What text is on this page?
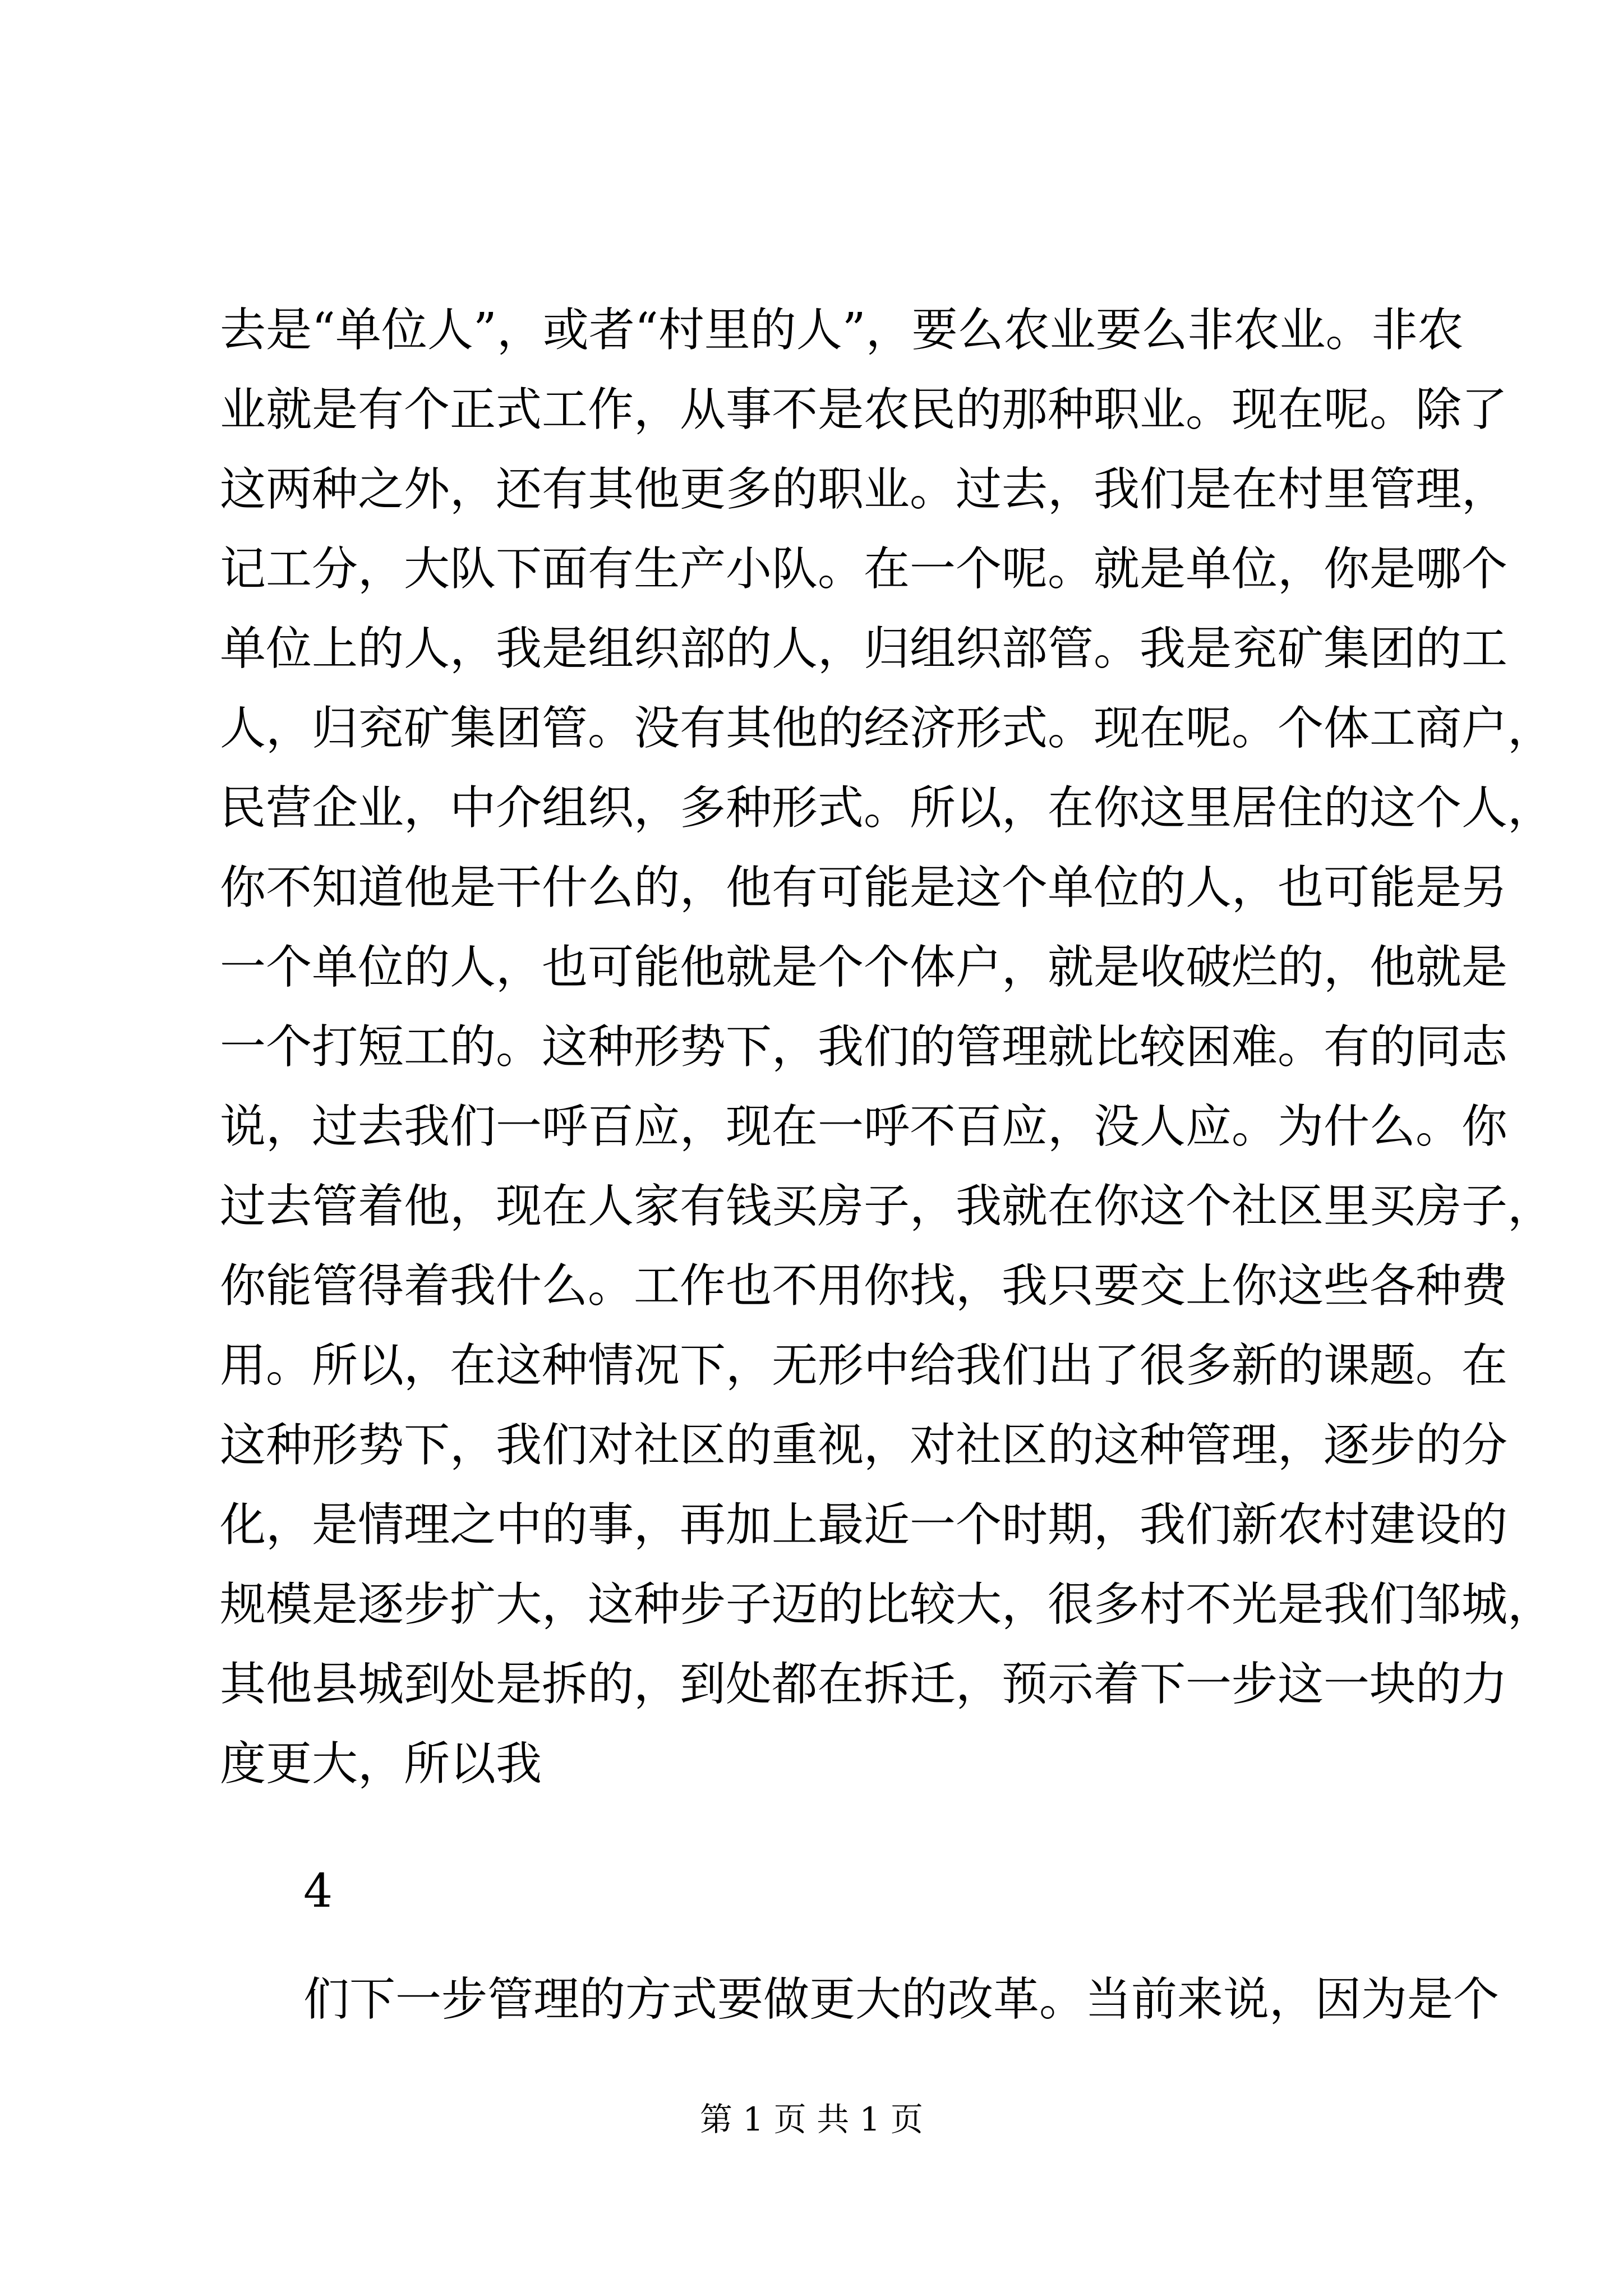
去是“单位人”，或者“村里的人”，要么农业要么非农业。非农
业就是有个正式工作，从事不是农民的那种职业。现在呢。除了
这两种之外，还有其他更多的职业。过去，我们是在村里管理，
记工分，大队下面有生产小队。在一个呢。就是单位，你是哪个
单位上的人，我是组织部的人，归组织部管。我是兖矿集团的工
人，归兖矿集团管。没有其他的经济形式。现在呢。个体工商户，
民营企业，中介组织，多种形式。所以，在你这里居住的这个人，
你不知道他是干什么的，他有可能是这个单位的人，也可能是另
一个单位的人，也可能他就是个个体户，就是收破烂的，他就是
一个打短工的。这种形势下，我们的管理就比较困难。有的同志
说，过去我们一呼百应，现在一呼不百应，没人应。为什么。你
过去管着他，现在人家有钱买房子，我就在你这个社区里买房子，
你能管得着我什么。工作也不用你找，我只要交上你这些各种费
用。所以，在这种情况下，无形中给我们出了很多新的课题。在
这种形势下，我们对社区的重视，对社区的这种管理，逐步的分
化，是情理之中的事，再加上最近一个时期，我们新农村建设的
规模是逐步扩大，这种步子迈的比较大，很多村不光是我们邹城，
其他县城到处是拆的，到处都在拆迁，预示着下一步这一块的力
度更大，所以我
4
们下一步管理的方式要做更大的改革。当前来说，因为是个
第 1 页 共 1 页
